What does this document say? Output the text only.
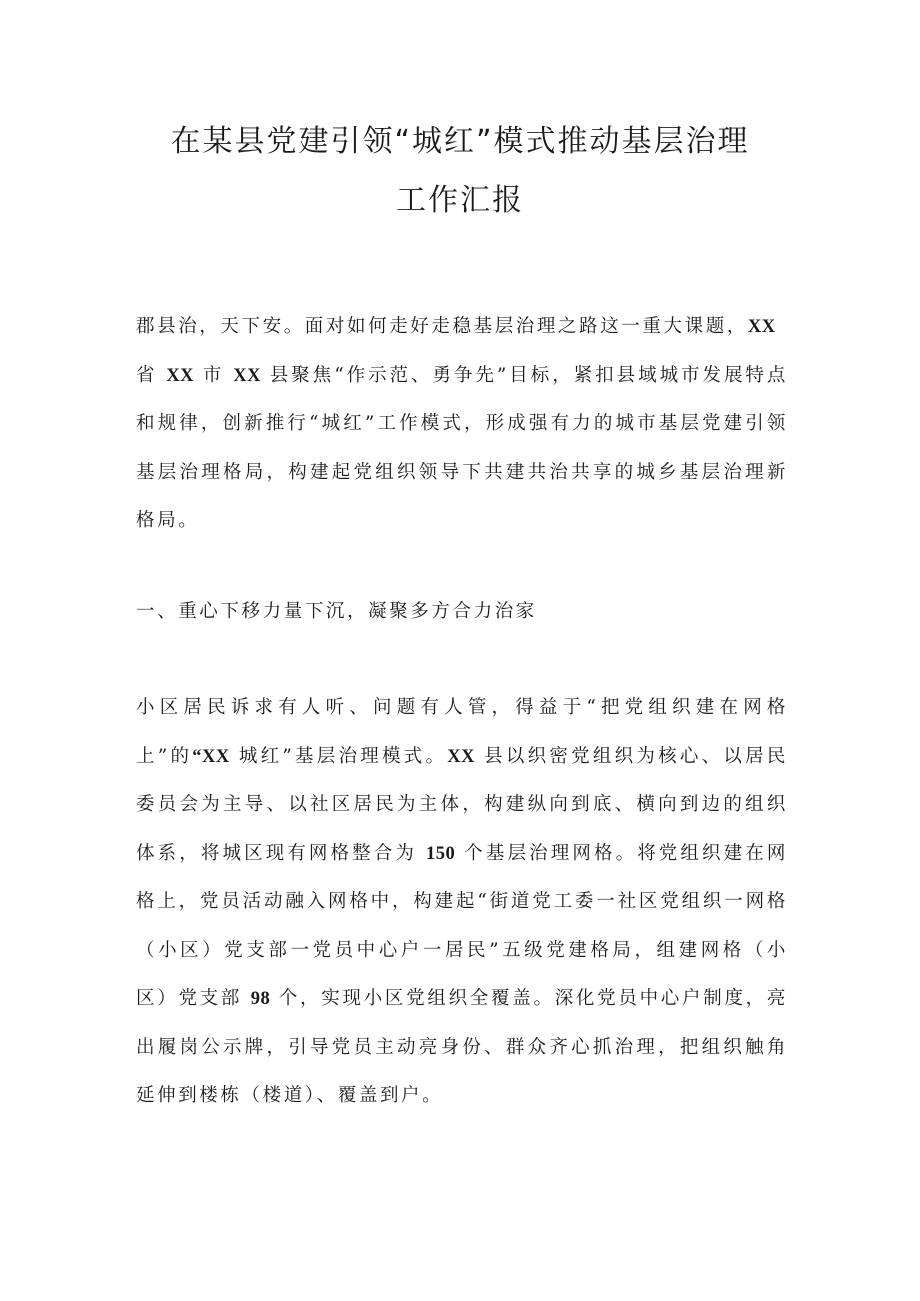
在某县党建引领“城红”模式推动基层治理
工作汇报

郡县治，天下安。面对如何走好走稳基层治理之路这一重大课题，XX
省 XX 市 XX 县聚焦“作示范、勇争先”目标，紧扣县域城市发展特点和规律，创新推行“城红”工作模式，形成强有力的城市基层党建引领基层治理格局，构建起党组织领导下共建共治共享的城乡基层治理新格局。

一、重心下移力量下沉，凝聚多方合力治家

小区居民诉求有人听、问题有人管，得益于“把党组织建在网格上”的“XX 城红”基层治理模式。XX 县以织密党组织为核心、以居民委员会为主导、以社区居民为主体，构建纵向到底、横向到边的组织体系，将城区现有网格整合为 150 个基层治理网格。将党组织建在网格上，党员活动融入网格中，构建起“街道党工委一社区党组织一网格（小区）党支部一党员中心户一居民”五级党建格局，组建网格（小区）党支部 98 个，实现小区党组织全覆盖。深化党员中心户制度，亮出履岗公示牌，引导党员主动亮身份、群众齐心抓治理，把组织触角延伸到楼栋（楼道）、覆盖到户。
